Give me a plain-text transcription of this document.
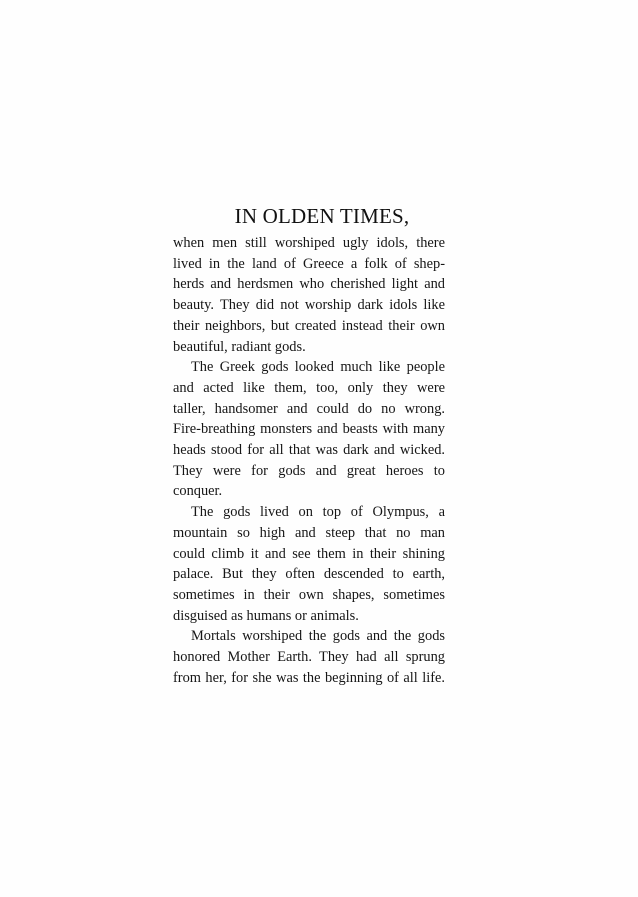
IN OLDEN TIMES,
when men still worshiped ugly idols, there
lived in the land of Greece a folk of shep-
herds and herdsmen who cherished light and
beauty. They did not worship dark idols like
their neighbors, but created instead their own
beautiful, radiant gods.
The Greek gods looked much like people
and acted like them, too, only they were
taller, handsomer and could do no wrong.
Fire-breathing monsters and beasts with many
heads stood for all that was dark and wicked.
They were for gods and great heroes to
conquer.
The gods lived on top of Olympus, a
mountain so high and steep that no man
could climb it and see them in their shining
palace. But they often descended to earth,
sometimes in their own shapes, sometimes
disguised as humans or animals.
Mortals worshiped the gods and the gods
honored Mother Earth. They had all sprung
from her, for she was the beginning of all life.
